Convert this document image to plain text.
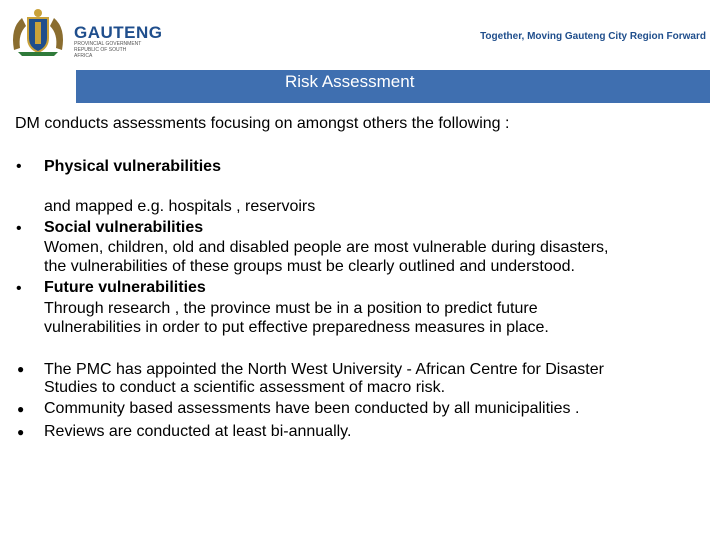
GAUTENG
PROVINCIAL GOVERNMENT REPUBLIC OF SOUTH AFRICA
Together, Moving Gauteng City Region Forward
Risk Assessment
DM conducts assessments focusing on amongst others the following :
• Physical vulnerabilities
and mapped e.g. hospitals , reservoirs
• Social vulnerabilities
Women, children, old and disabled people are most vulnerable during disasters,
the vulnerabilities of these groups must be clearly outlined and understood.
• Future vulnerabilities
Through research , the province must be in a position to predict future
vulnerabilities in order to put effective preparedness measures in place.
● The PMC has appointed the North West University - African Centre for Disaster
Studies to conduct a scientific assessment of macro risk.
● Community based assessments have been conducted by all municipalities .
● Reviews are conducted at least bi-annually.
